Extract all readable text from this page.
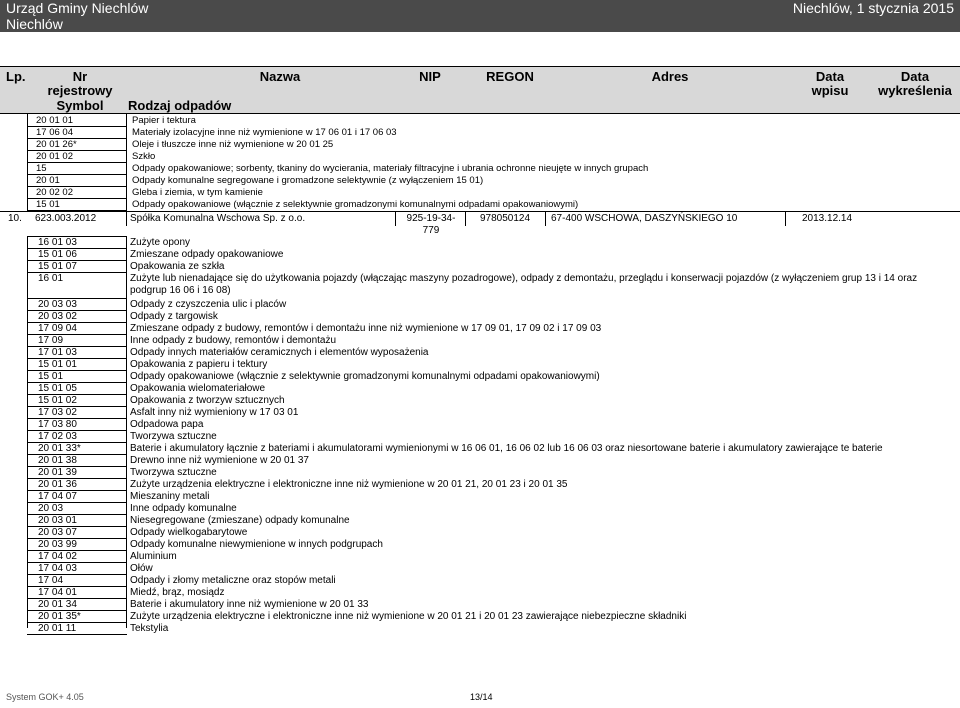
Urząd Gminy Niechlów	Niechlów, 1 stycznia 2015
Niechlów
Lp.	Nr
rejestrowy
Nazwa	NIP	REGON	Adres	Data
wpisu
Data
wykreślenia
Symbol	Rodzaj odpadów
20 01 01	Papier i tektura
17 06 04	Materiały izolacyjne inne niż wymienione w 17 06 01 i 17 06 03
20 01 26*	Oleje i tłuszcze inne niż wymienione w 20 01 25
20 01 02	Szkło
15	Odpady opakowaniowe; sorbenty, tkaniny do wycierania, materiały filtracyjne i ubrania ochronne nieujęte w innych grupach
20 01	Odpady komunalne segregowane i gromadzone selektywnie (z wyłączeniem 15 01)
20 02 02	Gleba i ziemia, w tym kamienie
15 01	Odpady opakowaniowe (włącznie z selektywnie gromadzonymi komunalnymi odpadami opakowaniowymi)
10. 623.003.2012	Spółka Komunalna Wschowa Sp. z o.o.	925-19-34-
779
978050124 67-400 WSCHOWA, DASZYŃSKIEGO 10	2013.12.14
16 01 03	Zużyte opony
15 01 06	Zmieszane odpady opakowaniowe
15 01 07	Opakowania ze szkła
16 01	Zużyte lub nienadające się do użytkowania pojazdy (włączając maszyny pozadrogowe), odpady z demontażu, przeglądu i konserwacji pojazdów (z wyłączeniem grup 13 i 14 oraz
podgrup 16 06 i 16 08)
20 03 03	Odpady z czyszczenia ulic i placów
20 03 02	Odpady z targowisk
17 09 04	Zmieszane odpady z budowy, remontów i demontażu inne niż wymienione w 17 09 01, 17 09 02 i 17 09 03
17 09	Inne odpady z budowy, remontów i demontażu
17 01 03	Odpady innych materiałów ceramicznych i elementów wyposażenia
15 01 01	Opakowania z papieru i tektury
15 01	Odpady opakowaniowe (włącznie z selektywnie gromadzonymi komunalnymi odpadami opakowaniowymi)
15 01 05	Opakowania wielomateriałowe
15 01 02	Opakowania z tworzyw sztucznych
17 03 02	Asfalt inny niż wymieniony w 17 03 01
17 03 80	Odpadowa papa
17 02 03	Tworzywa sztuczne
20 01 33*	Baterie i akumulatory łącznie z bateriami i akumulatorami wymienionymi w 16 06 01, 16 06 02 lub 16 06 03 oraz niesortowane baterie i akumulatory zawierające te baterie
20 01 38	Drewno inne niż wymienione w 20 01 37
20 01 39	Tworzywa sztuczne
20 01 36	Zużyte urządzenia elektryczne i elektroniczne inne niż wymienione w 20 01 21, 20 01 23 i 20 01 35
17 04 07	Mieszaniny metali
20 03	Inne odpady komunalne
20 03 01	Niesegregowane (zmieszane) odpady komunalne
20 03 07	Odpady wielkogabarytowe
20 03 99	Odpady komunalne niewymienione w innych podgrupach
17 04 02	Aluminium
17 04 03	Ołów
17 04	Odpady i złomy metaliczne oraz stopów metali
17 04 01	Miedź, brąz, mosiądz
20 01 34	Baterie i akumulatory inne niż wymienione w 20 01 33
20 01 35*	Zużyte urządzenia elektryczne i elektroniczne inne niż wymienione w 20 01 21 i 20 01 23 zawierające niebezpieczne składniki
20 01 11	Tekstylia
System GOK+ 4.05	13/14
